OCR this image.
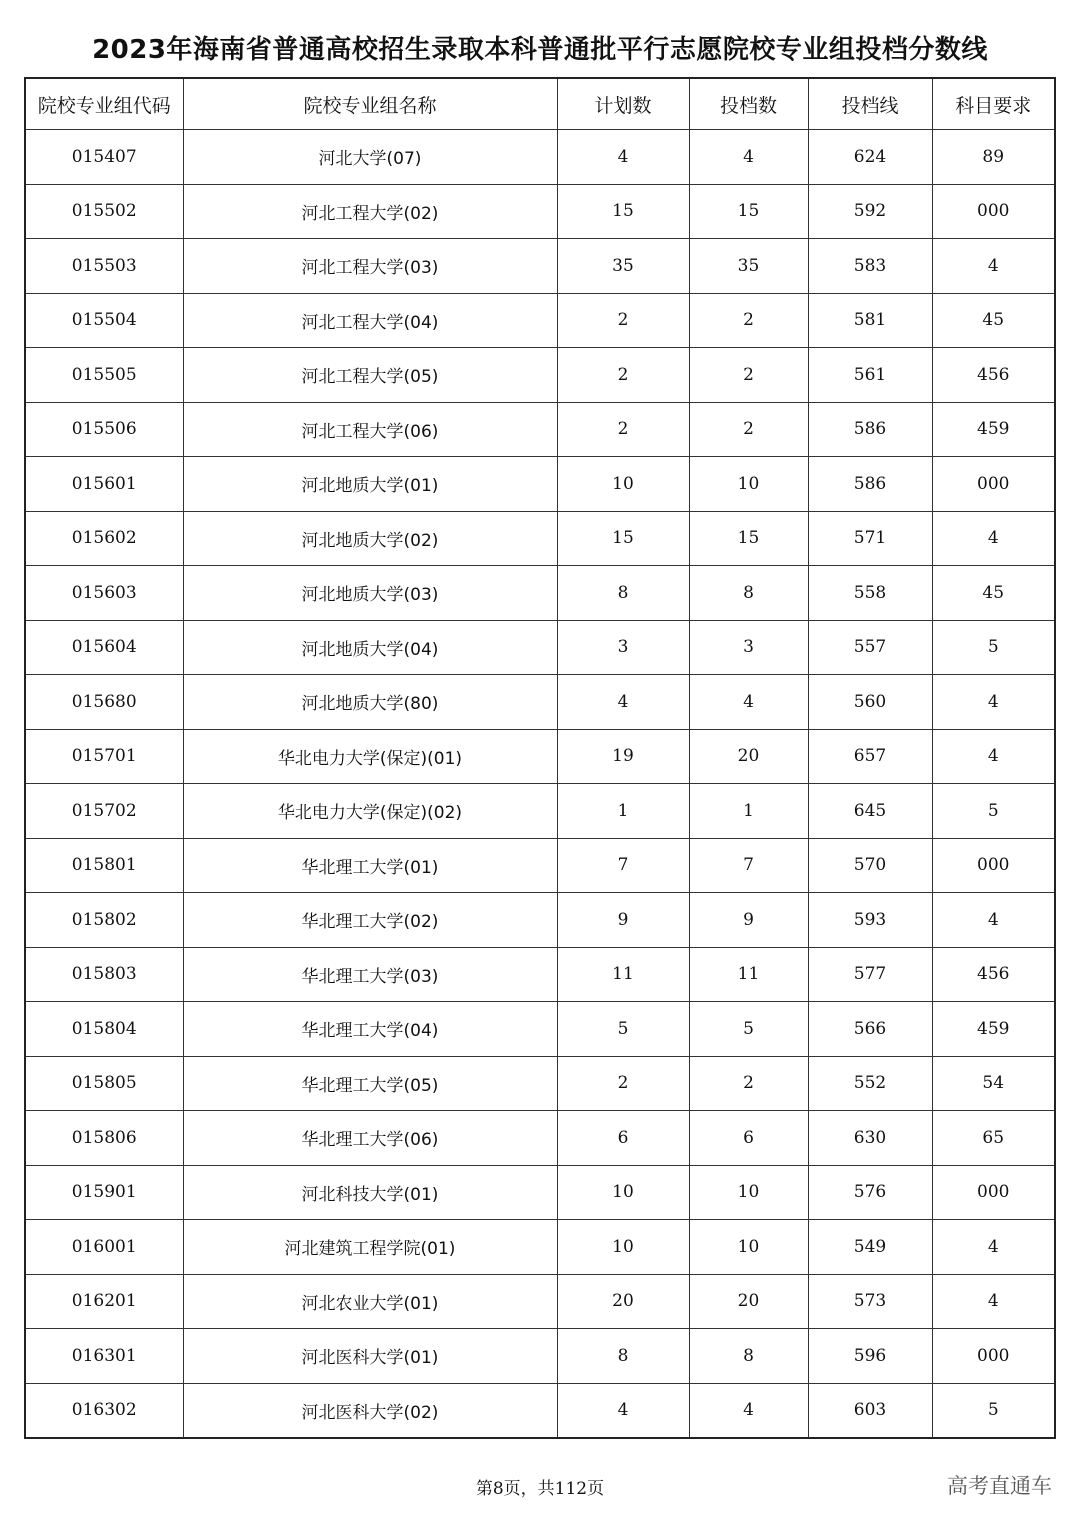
2023年海南省普通高校招生录取本科普通批平行志愿院校专业组投档分数线
院校专业组代码	院校专业组名称	计划数	投档数	投档线	科目要求
015407	河北大学(07)	4	4	624	89
015502	河北工程大学(02)	15	15	592	000
015503	河北工程大学(03)	35	35	583	4
015504	河北工程大学(04)	2	2	581	45
015505	河北工程大学(05)	2	2	561	456
015506	河北工程大学(06)	2	2	586	459
015601	河北地质大学(01)	10	10	586	000
015602	河北地质大学(02)	15	15	571	4
015603	河北地质大学(03)	8	8	558	45
015604	河北地质大学(04)	3	3	557	5
015680	河北地质大学(80)	4	4	560	4
015701	华北电力大学(保定)(01)	19	20	657	4
015702	华北电力大学(保定)(02)	1	1	645	5
015801	华北理工大学(01)	7	7	570	000
015802	华北理工大学(02)	9	9	593	4
015803	华北理工大学(03)	11	11	577	456
015804	华北理工大学(04)	5	5	566	459
015805	华北理工大学(05)	2	2	552	54
015806	华北理工大学(06)	6	6	630	65
015901	河北科技大学(01)	10	10	576	000
016001	河北建筑工程学院(01)	10	10	549	4
016201	河北农业大学(01)	20	20	573	4
016301	河北医科大学(01)	8	8	596	000
016302	河北医科大学(02)	4	4	603	5
第8页，共112页	高考直通车
